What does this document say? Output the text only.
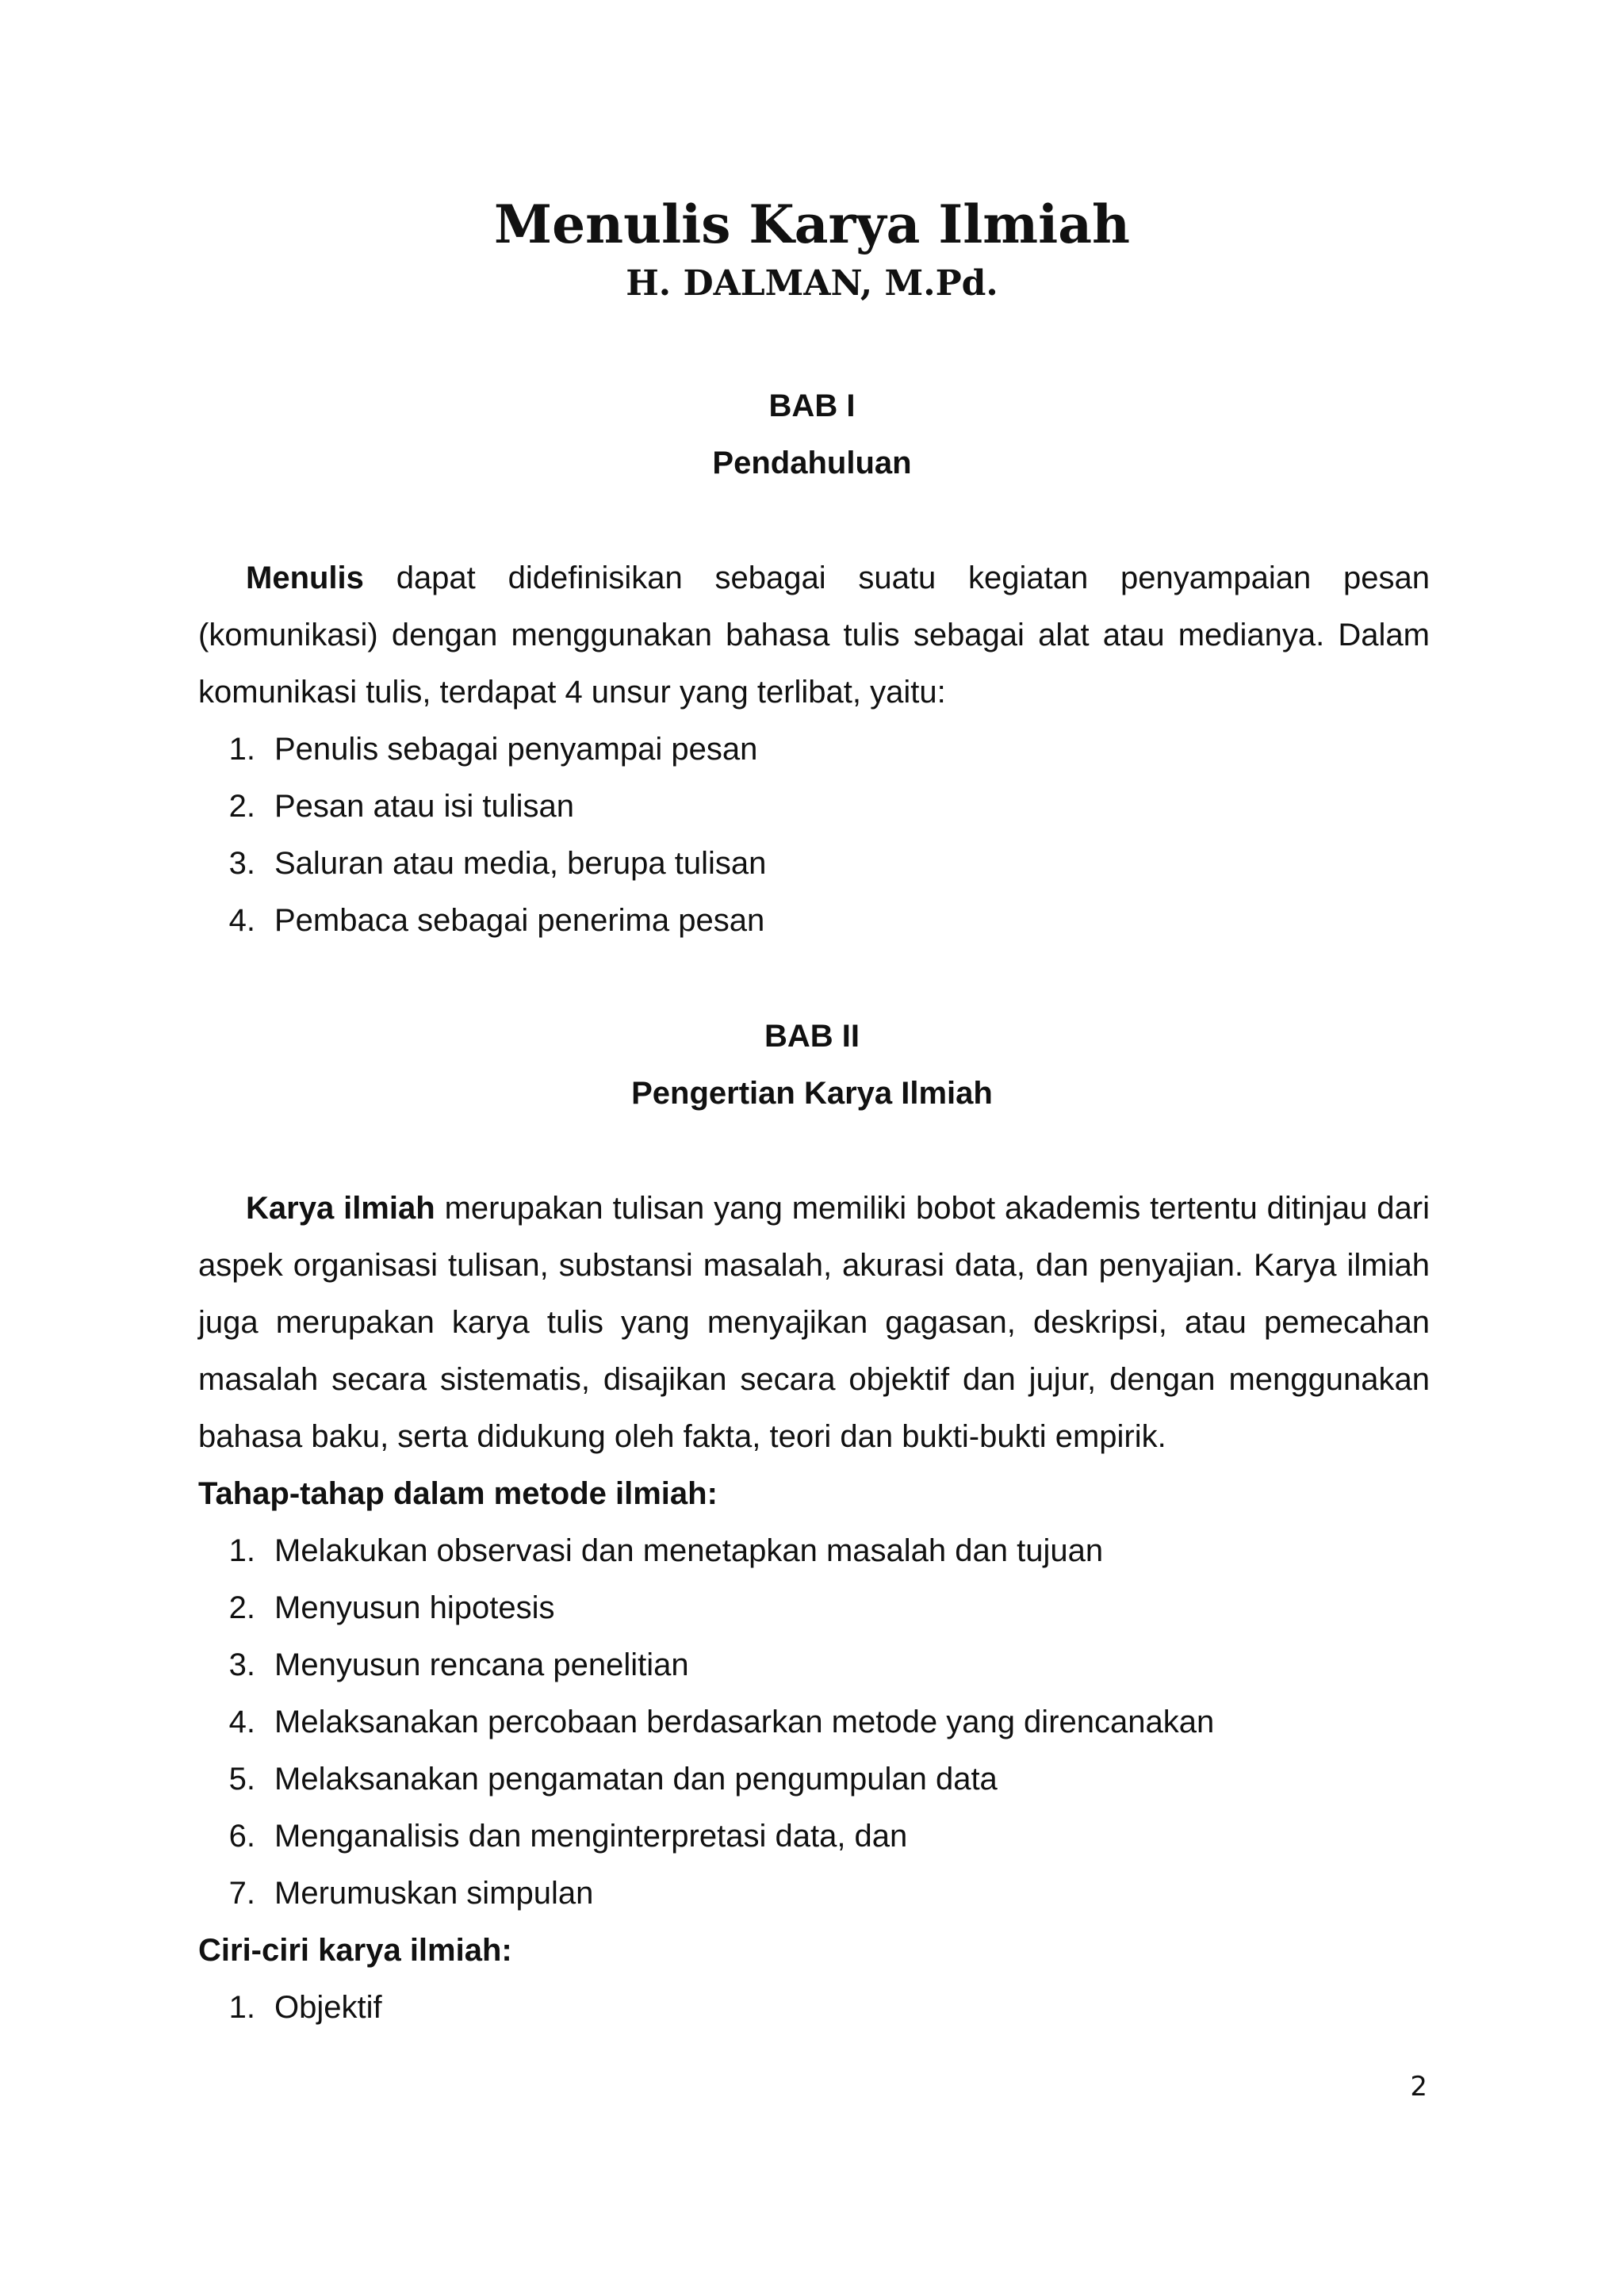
Menulis Karya Ilmiah
H. DALMAN, M.Pd.
BAB I
Pendahuluan

Menulis dapat didefinisikan sebagai suatu kegiatan penyampaian pesan (komunikasi) dengan menggunakan bahasa tulis sebagai alat atau medianya. Dalam komunikasi tulis, terdapat 4 unsur yang terlibat, yaitu:

1. Penulis sebagai penyampai pesan
2. Pesan atau isi tulisan
3. Saluran atau media, berupa tulisan
4. Pembaca sebagai penerima pesan
BAB II
Pengertian Karya Ilmiah

Karya ilmiah merupakan tulisan yang memiliki bobot akademis tertentu ditinjau dari aspek organisasi tulisan, substansi masalah, akurasi data, dan penyajian. Karya ilmiah juga merupakan karya tulis yang menyajikan gagasan, deskripsi, atau pemecahan masalah secara sistematis, disajikan secara objektif dan jujur, dengan menggunakan bahasa baku, serta didukung oleh fakta, teori dan bukti-bukti empirik.

Tahap-tahap dalam metode ilmiah:
1. Melakukan observasi dan menetapkan masalah dan tujuan
2. Menyusun hipotesis
3. Menyusun rencana penelitian
4. Melaksanakan percobaan berdasarkan metode yang direncanakan
5. Melaksanakan pengamatan dan pengumpulan data
6. Menganalisis dan menginterpretasi data, dan
7. Merumuskan simpulan
Ciri-ciri karya ilmiah:
1. Objektif
2
